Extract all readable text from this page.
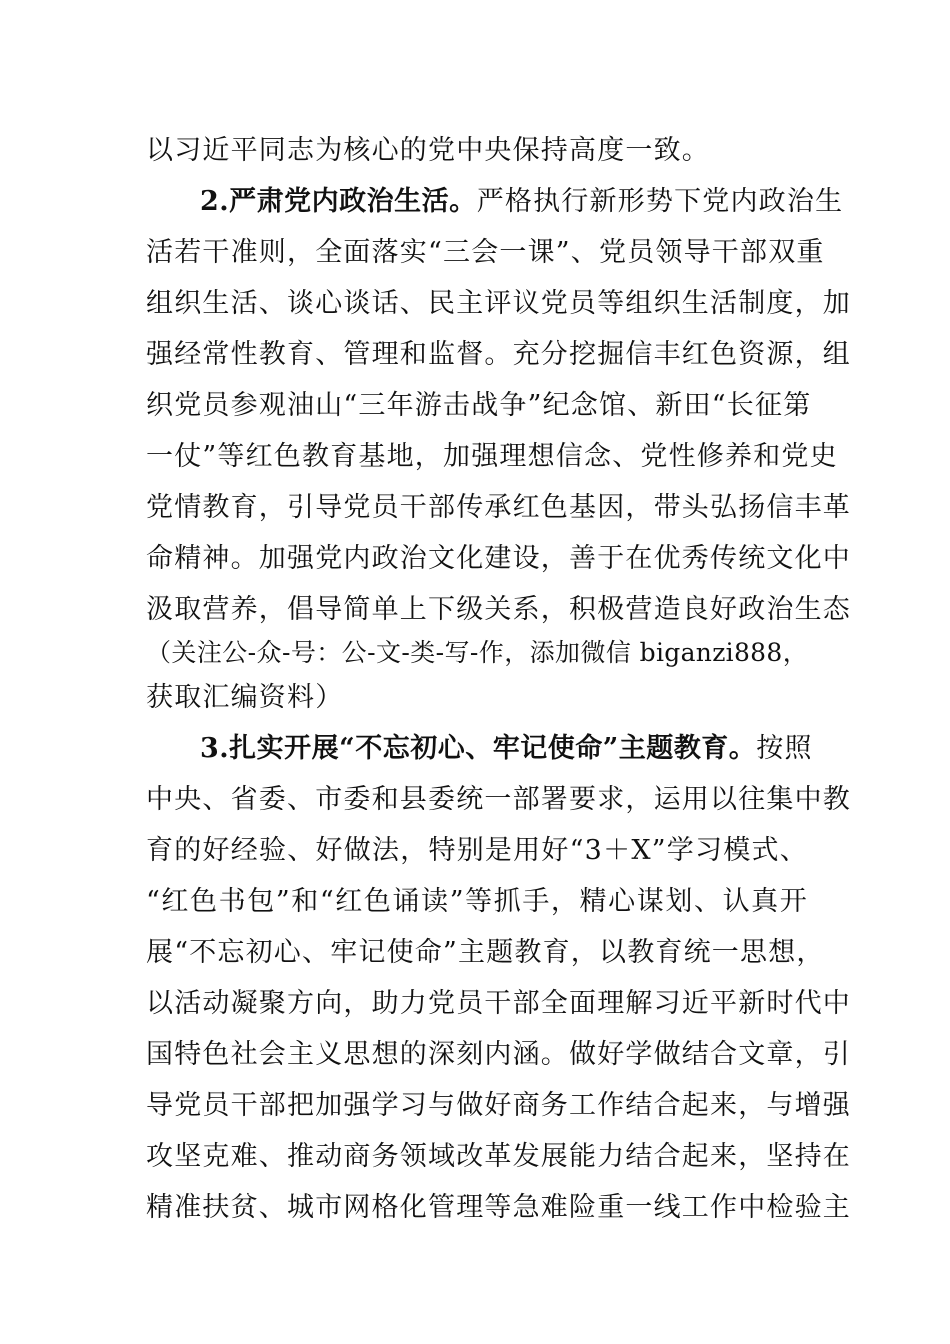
以习近平同志为核心的党中央保持高度一致。
2.严肃党内政治生活。严格执行新形势下党内政治生
活若干准则，全面落实“三会一课”、党员领导干部双重
组织生活、谈心谈话、民主评议党员等组织生活制度，加
强经常性教育、管理和监督。充分挖掘信丰红色资源，组
织党员参观油山“三年游击战争”纪念馆、新田“长征第
一仗”等红色教育基地，加强理想信念、党性修养和党史
党情教育，引导党员干部传承红色基因，带头弘扬信丰革
命精神。加强党内政治文化建设，善于在优秀传统文化中
汲取营养，倡导简单上下级关系，积极营造良好政治生态
（关注公-众-号：公-文-类-写-作，添加微信 biganzi888，
获取汇编资料）
3.扎实开展“不忘初心、牢记使命”主题教育。按照
中央、省委、市委和县委统一部署要求，运用以往集中教
育的好经验、好做法，特别是用好“3＋X”学习模式、
“红色书包”和“红色诵读”等抓手，精心谋划、认真开
展“不忘初心、牢记使命”主题教育，以教育统一思想，
以活动凝聚方向，助力党员干部全面理解习近平新时代中
国特色社会主义思想的深刻内涵。做好学做结合文章，引
导党员干部把加强学习与做好商务工作结合起来，与增强
攻坚克难、推动商务领域改革发展能力结合起来，坚持在
精准扶贫、城市网格化管理等急难险重一线工作中检验主
